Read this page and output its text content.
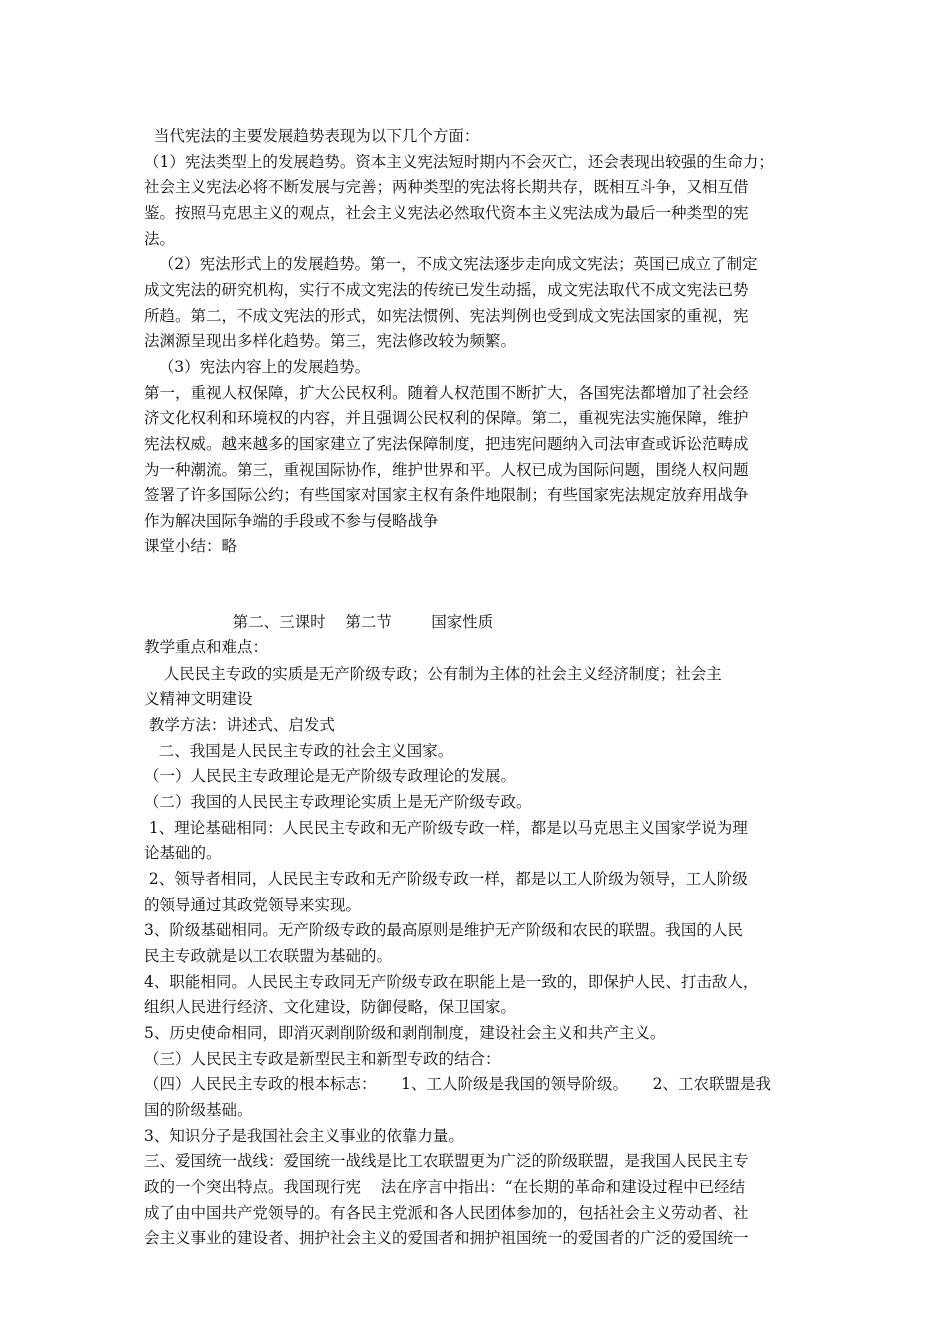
当代宪法的主要发展趋势表现为以下几个方面：
（1）宪法类型上的发展趋势。资本主义宪法短时期内不会灭亡，还会表现出较强的生命力；
社会主义宪法必将不断发展与完善；两种类型的宪法将长期共存，既相互斗争，又相互借
鉴。按照马克思主义的观点，社会主义宪法必然取代资本主义宪法成为最后一种类型的宪
法。
（2）宪法形式上的发展趋势。第一，不成文宪法逐步走向成文宪法；英国已成立了制定
成文宪法的研究机构，实行不成文宪法的传统已发生动摇，成文宪法取代不成文宪法已势
所趋。第二，不成文宪法的形式，如宪法惯例、宪法判例也受到成文宪法国家的重视，宪
法渊源呈现出多样化趋势。第三，宪法修改较为频繁。
（3）宪法内容上的发展趋势。
第一，重视人权保障，扩大公民权利。随着人权范围不断扩大，各国宪法都增加了社会经
济文化权利和环境权的内容，并且强调公民权利的保障。第二，重视宪法实施保障，维护
宪法权威。越来越多的国家建立了宪法保障制度，把违宪问题纳入司法审查或诉讼范畴成
为一种潮流。第三，重视国际协作，维护世界和平。人权已成为国际问题，围绕人权问题
签署了许多国际公约；有些国家对国家主权有条件地限制；有些国家宪法规定放弃用战争
作为解决国际争端的手段或不参与侵略战争
课堂小结：略
第二、三课时    第二节        国家性质
教学重点和难点：
人民民主专政的实质是无产阶级专政；公有制为主体的社会主义经济制度；社会主
义精神文明建设
教学方法：讲述式、启发式
二、我国是人民民主专政的社会主义国家。
（一）人民民主专政理论是无产阶级专政理论的发展。
（二）我国的人民民主专政理论实质上是无产阶级专政。
1、理论基础相同：人民民主专政和无产阶级专政一样，都是以马克思主义国家学说为理
论基础的。
2、领导者相同，人民民主专政和无产阶级专政一样，都是以工人阶级为领导，工人阶级
的领导通过其政党领导来实现。
3、阶级基础相同。无产阶级专政的最高原则是维护无产阶级和农民的联盟。我国的人民
民主专政就是以工农联盟为基础的。
4、职能相同。人民民主专政同无产阶级专政在职能上是一致的，即保护人民、打击敌人，
组织人民进行经济、文化建设，防御侵略，保卫国家。
5、历史使命相同，即消灭剥削阶级和剥削制度，建设社会主义和共产主义。
（三）人民民主专政是新型民主和新型专政的结合：
（四）人民民主专政的根本标志：     1、工人阶级是我国的领导阶级。     2、工农联盟是我
国的阶级基础。
3、知识分子是我国社会主义事业的依靠力量。
三、爱国统一战线：爱国统一战线是比工农联盟更为广泛的阶级联盟，是我国人民民主专
政的一个突出特点。我国现行宪    法在序言中指出：“在长期的革命和建设过程中已经结
成了由中国共产党领导的。有各民主党派和各人民团体参加的，包括社会主义劳动者、社
会主义事业的建设者、拥护社会主义的爱国者和拥护祖国统一的爱国者的广泛的爱国统一
